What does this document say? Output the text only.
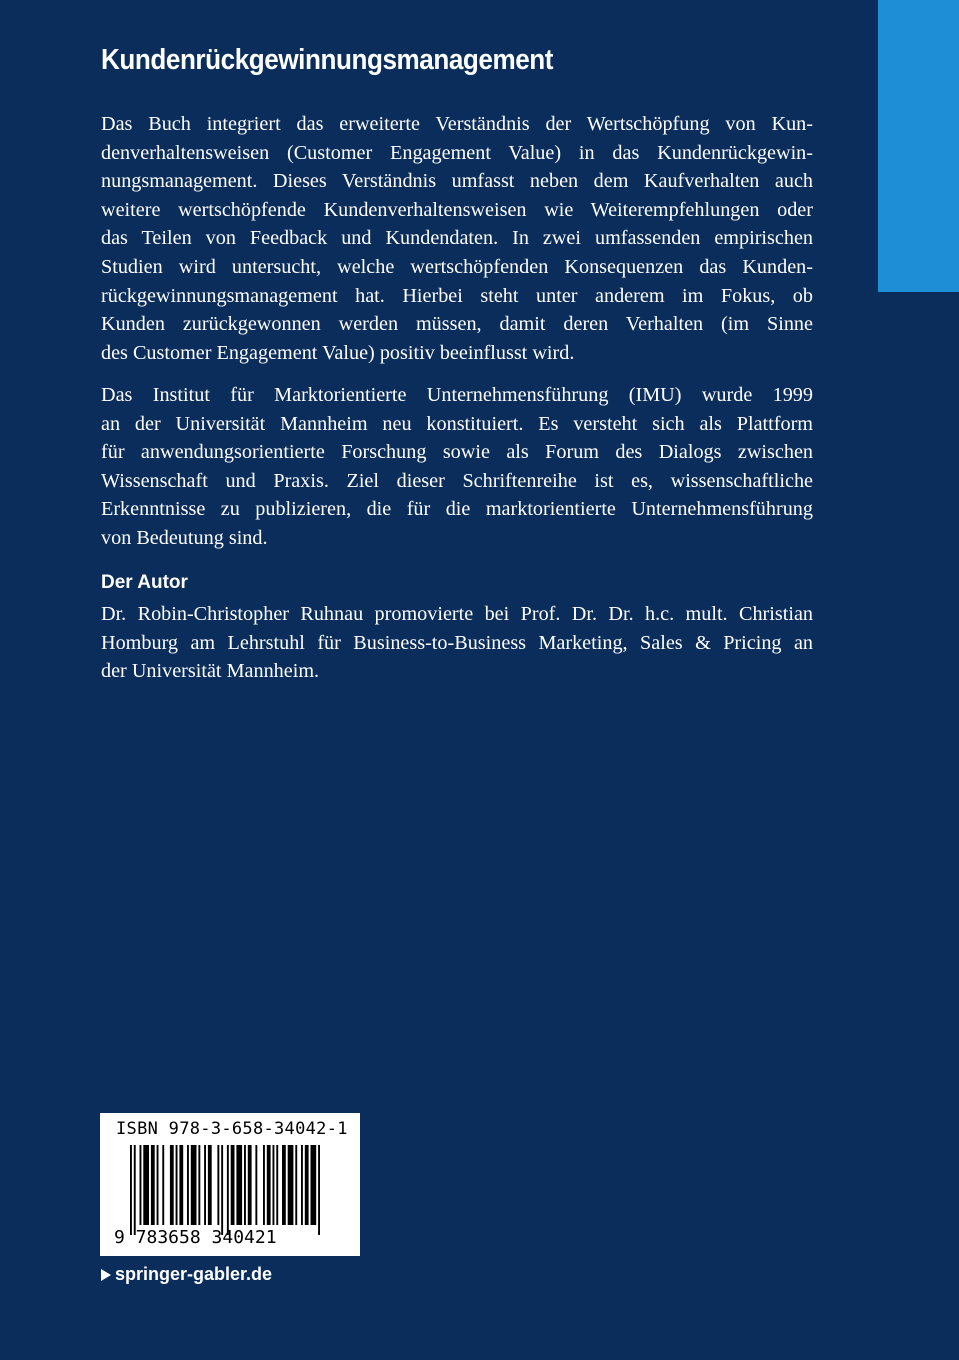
Kundenrückgewinnungsmanagement

Das Buch integriert das erweiterte Verständnis der Wertschöpfung von Kun-
denverhaltensweisen (Customer Engagement Value) in das Kundenrückgewin-
nungsmanagement. Dieses Verständnis umfasst neben dem Kaufverhalten auch
weitere wertschöpfende Kundenverhaltensweisen wie Weiterempfehlungen oder
das Teilen von Feedback und Kundendaten. In zwei umfassenden empirischen
Studien wird untersucht, welche wertschöpfenden Konsequenzen das Kunden-
rückgewinnungsmanagement hat. Hierbei steht unter anderem im Fokus, ob
Kunden zurückgewonnen werden müssen, damit deren Verhalten (im Sinne
des Customer Engagement Value) positiv beeinflusst wird.

Das Institut für Marktorientierte Unternehmensführung (IMU) wurde 1999
an der Universität Mannheim neu konstituiert. Es versteht sich als Plattform
für anwendungsorientierte Forschung sowie als Forum des Dialogs zwischen
Wissenschaft und Praxis. Ziel dieser Schriftenreihe ist es, wissenschaftliche
Erkenntnisse zu publizieren, die für die marktorientierte Unternehmensführung
von Bedeutung sind.

Der Autor

Dr. Robin-Christopher Ruhnau promovierte bei Prof. Dr. Dr. h.c. mult. Christian
Homburg am Lehrstuhl für Business-to-Business Marketing, Sales & Pricing an
der Universität Mannheim.

ISBN 978-3-658-34042-1
9 783658 340421
springer-gabler.de
